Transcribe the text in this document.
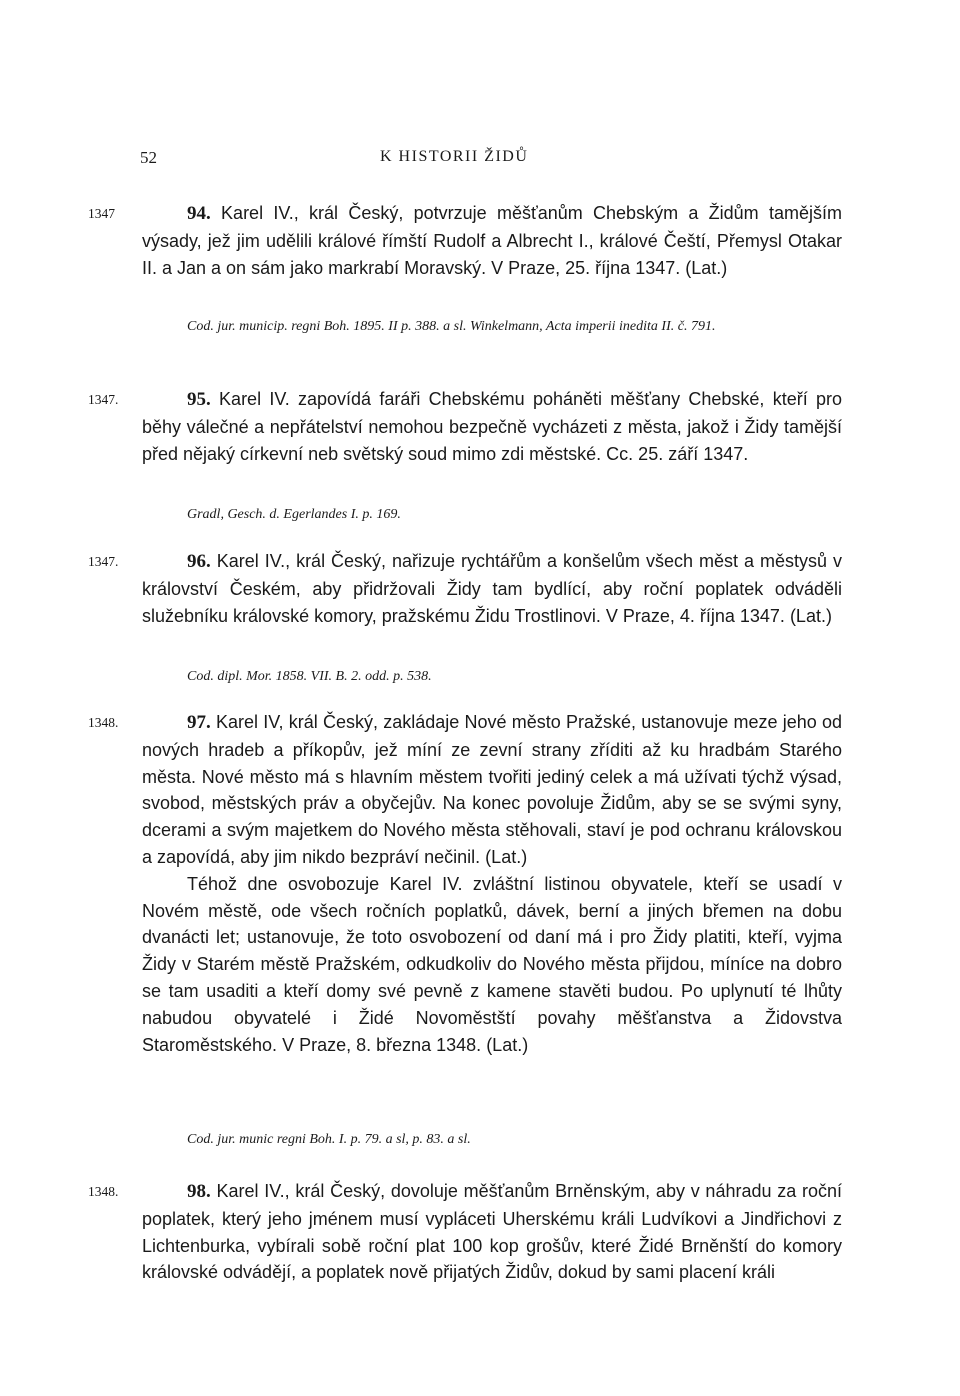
52	K HISTORII ŽIDŮ
1347	94. Karel IV., král Český, potvrzuje měšťanům Chebským a Židům tamějším výsady, jež jim udělili králové římští Rudolf a Albrecht I., králové Čeští, Přemysl Otakar II. a Jan a on sám jako markrabí Moravský. V Praze, 25. října 1347. (Lat.)

Cod. jur. municip. regni Boh. 1895. II p. 388. a sl. Winkelmann, Acta imperii inedita II. č. 791.

1347.	95. Karel IV. zapovídá faráři Chebskému poháněti měšťany Chebské, kteří pro běhy válečné a nepřátelství nemohou bezpečně vycházeti z města, jakož i Židy tamější před nějaký církevní neb světský soud mimo zdi městské. Cc. 25. září 1347.

Gradl, Gesch. d. Egerlandes I. p. 169.

1347.	96. Karel IV., král Český, nařizuje rychtářům a konšelům všech měst a městysů v království Českém, aby přidržovali Židy tam bydlící, aby roční poplatek odváděli služebníku královské komory, pražskému Židu Trostlinovi. V Praze, 4. října 1347. (Lat.)

Cod. dipl. Mor. 1858. VII. B. 2. odd. p. 538.

1348.	97. Karel IV, král Český, zakládaje Nové město Pražské, ustanovuje meze jeho od nových hradeb a příkopův, jež míní ze zevní strany zříditi až ku hradbám Starého města. Nové město má s hlavním městem tvořiti jediný celek a má užívati týchž výsad, svobod, městských práv a obyčejův. Na konec povoluje Židům, aby se se svými syny, dcerami a svým majetkem do Nového města stěhovali, staví je pod ochranu královskou a zapovídá, aby jim nikdo bezpráví nečinil. (Lat.)

Téhož dne osvobozuje Karel IV. zvláštní listinou obyvatele, kteří se usadí v Novém městě, ode všech ročních poplatků, dávek, berní a jiných břemen na dobu dvanácti let; ustanovuje, že toto osvobození od daní má i pro Židy platiti, kteří, vyjma Židy v Starém městě Pražském, odkudkoliv do Nového města přijdou, míníce na dobro se tam usaditi a kteří domy své pevně z kamene stavěti budou. Po uplynutí té lhůty nabudou obyvatelé i Židé Novoměstští povahy měšťanstva a Židovstva Staroměstského. V Praze, 8. března 1348. (Lat.)

Cod. jur. munic regni Boh. I. p. 79. a sl, p. 83. a sl.

1348.	98. Karel IV., král Český, dovoluje měšťanům Brněnským, aby v náhradu za roční poplatek, který jeho jménem musí vypláceti Uherskému králi Ludvíkovi a Jindřichovi z Lichtenburka, vybírali sobě roční plat 100 kop grošův, které Židé Brněnští do komory královské odvádějí, a poplatek nově přijatých Židův, dokud by sami placení králi
